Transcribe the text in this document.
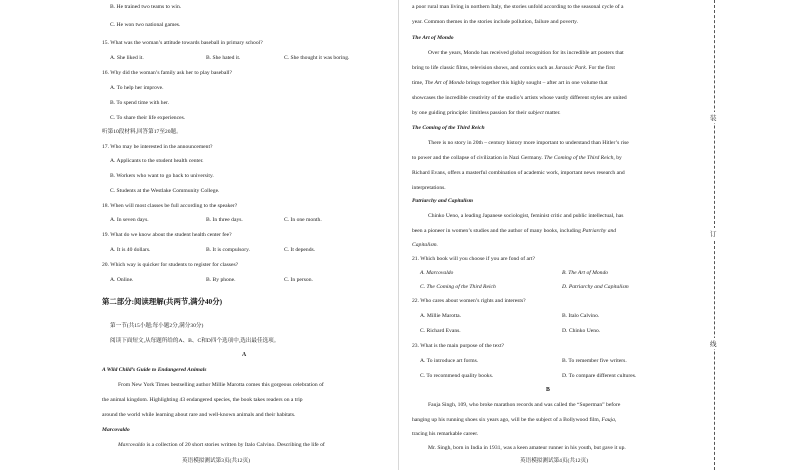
B. He trained two teams to win.
C. He won two national games.
15. What was the woman’s attitude towards baseball in primary school?
A. She liked it.	B. She hated it.	C. She thought it was boring.
16. Why did the woman’s family ask her to play baseball?
A. To help her improve.
B. To spend time with her.
C. To share their life experiences.
听第10段材料,回答第17至20题。
17. Who may be interested in the announcement?
A. Applicants to the student health center.
B. Workers who want to go back to university.
C. Students at the Westlake Community College.
18. When will most classes be full according to the speaker?
A. In seven days.	B. In three days.	C. In one month.
19. What do we know about the student health center fee?
A. It is 40 dollars.	B. It is compulsory.	C. It depends.
20. Which way is quicker for students to register for classes?
A. Online.	B. By phone.	C. In person.
第二部分:阅读理解(共两节,满分40分)
第一节(共15小题;每小题2分,满分30分)
阅读下面短文,从每题所给的A、B、C和D四个选项中,选出最佳选项。
A
A Wild Child’s Guide to Endangered Animals
From New York Times bestselling author Millie Marotta comes this gorgeous celebration of
the animal kingdom. Highlighting 43 endangered species, the book takes readers on a trip
around the world while learning about rare and well-known animals and their habitats.
Marcovaldo
Marcovaldo is a collection of 20 short stories written by Italo Calvino. Describing the life of
英语模拟测试第3页(共12页)
a poor rural man living in northern Italy, the stories unfold according to the seasonal cycle of a
year. Common themes in the stories include pollution, failure and poverty.
The Art of Mondo
Over the years, Mondo has received global recognition for its incredible art posters that
bring to life classic films, television shows, and comics such as Jurassic Park. For the first
time, The Art of Mondo brings together this highly sought – after art in one volume that
showcases the incredible creativity of the studio’s artists whose vastly different styles are united
by one guiding principle: limitless passion for their subject matter.
The Coming of the Third Reich
There is no story in 20th – century history more important to understand than Hitler’s rise
to power and the collapse of civilization in Nazi Germany. The Coming of the Third Reich, by
Richard Evans, offers a masterful combination of academic work, important news research and
interpretations.
Patriarchy and Capitalism
Chinko Ueno, a leading Japanese sociologist, feminist critic and public intellectual, has
been a pioneer in women’s studies and the author of many books, including Patriarchy and
Capitalism.
21. Which book will you choose if you are fond of art?
A. Marcovaldo	B. The Art of Mondo
C. The Coming of the Third Reich	D. Patriarchy and Capitalism
22. Who cares about women’s rights and interests?
A. Millie Marotta.	B. Italo Calvino.
C. Richard Evans.	D. Chinko Ueno.
23. What is the main purpose of the text?
A. To introduce art forms.	B. To remember five writers.
C. To recommend quality books.	D. To compare different cultures.
B
Fauja Singh, 109, who broke marathon records and was called the “Superman” before
hanging up his running shoes six years ago, will be the subject of a Bollywood film, Fauja,
tracing his remarkable career.
Mr. Singh, born in India in 1931, was a keen amateur runner in his youth, but gave it up.
英语模拟测试第4页(共12页)
装
订
线
